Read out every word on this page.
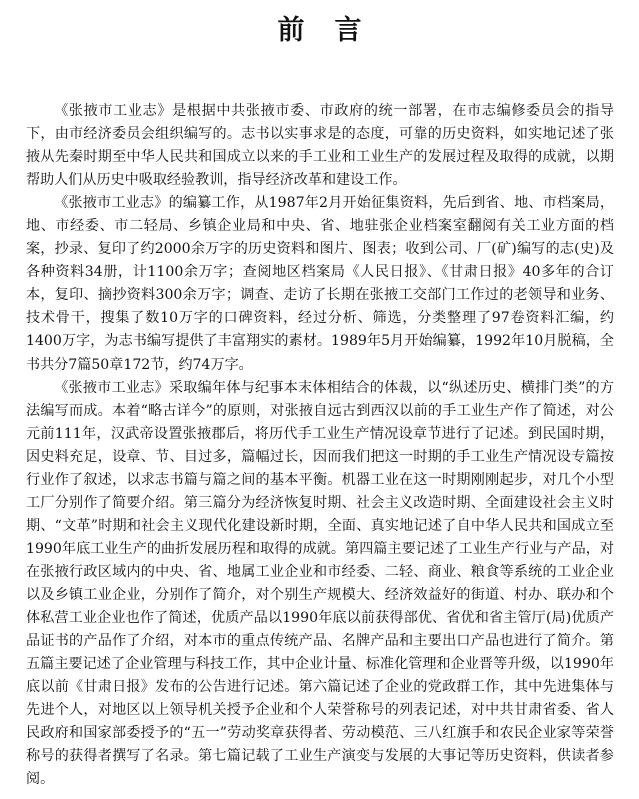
前言

《张掖市工业志》是根据中共张掖市委、市政府的统一部署，在市志编修委员会的指导下，由市经济委员会组织编写的。志书以实事求是的态度，可靠的历史资料，如实地记述了张掖从先秦时期至中华人民共和国成立以来的手工业和工业生产的发展过程及取得的成就，以期帮助人们从历史中吸取经验教训，指导经济改革和建设工作。

《张掖市工业志》的编纂工作，从1987年2月开始征集资料，先后到省、地、市档案局，地、市经委、市二轻局、乡镇企业局和中央、省、地驻张企业档案室翻阅有关工业方面的档案，抄录、复印了约2000余万字的历史资料和图片、图表；收到公司、厂(矿)编写的志(史)及各种资料34册，计1100余万字；查阅地区档案局《人民日报》、《甘肃日报》40多年的合订本，复印、摘抄资料300余万字；调查、走访了长期在张掖工交部门工作过的老领导和业务、技术骨干，搜集了数10万字的口碑资料，经过分析、筛选，分类整理了97卷资料汇编，约1400万字，为志书编写提供了丰富翔实的素材。1989年5月开始编纂，1992年10月脱稿，全书共分7篇50章172节，约74万字。

《张掖市工业志》采取编年体与纪事本末体相结合的体裁，以“纵述历史、横排门类”的方法编写而成。本着“略古详今”的原则，对张掖自远古到西汉以前的手工业生产作了简述，对公元前111年，汉武帝设置张掖郡后，将历代手工业生产情况设章节进行了记述。到民国时期，因史料充足，设章、节、目过多，篇幅过长，因而我们把这一时期的手工业生产情况设专篇按行业作了叙述，以求志书篇与篇之间的基本平衡。机器工业在这一时期刚刚起步，对几个小型工厂分别作了简要介绍。第三篇分为经济恢复时期、社会主义改造时期、全面建设社会主义时期、“文革”时期和社会主义现代化建设新时期，全面、真实地记述了自中华人民共和国成立至1990年底工业生产的曲折发展历程和取得的成就。第四篇主要记述了工业生产行业与产品，对在张掖行政区域内的中央、省、地属工业企业和市经委、二轻、商业、粮食等系统的工业企业以及乡镇工业企业，分别作了简介，对个别生产规模大、经济效益好的街道、村办、联办和个体私营工业企业也作了简述，优质产品以1990年底以前获得部优、省优和省主管厅(局)优质产品证书的产品作了介绍，对本市的重点传统产品、名牌产品和主要出口产品也进行了简介。第五篇主要记述了企业管理与科技工作，其中企业计量、标准化管理和企业晋等升级，以1990年底以前《甘肃日报》发布的公告进行记述。第六篇记述了企业的党政群工作，其中先进集体与先进个人，对地区以上领导机关授予企业和个人荣誉称号的列表记述，对中共甘肃省委、省人民政府和国家部委授予的“五一”劳动奖章获得者、劳动模范、三八红旗手和农民企业家等荣誉称号的获得者撰写了名录。第七篇记载了工业生产演变与发展的大事记等历史资料，供读者参阅。
